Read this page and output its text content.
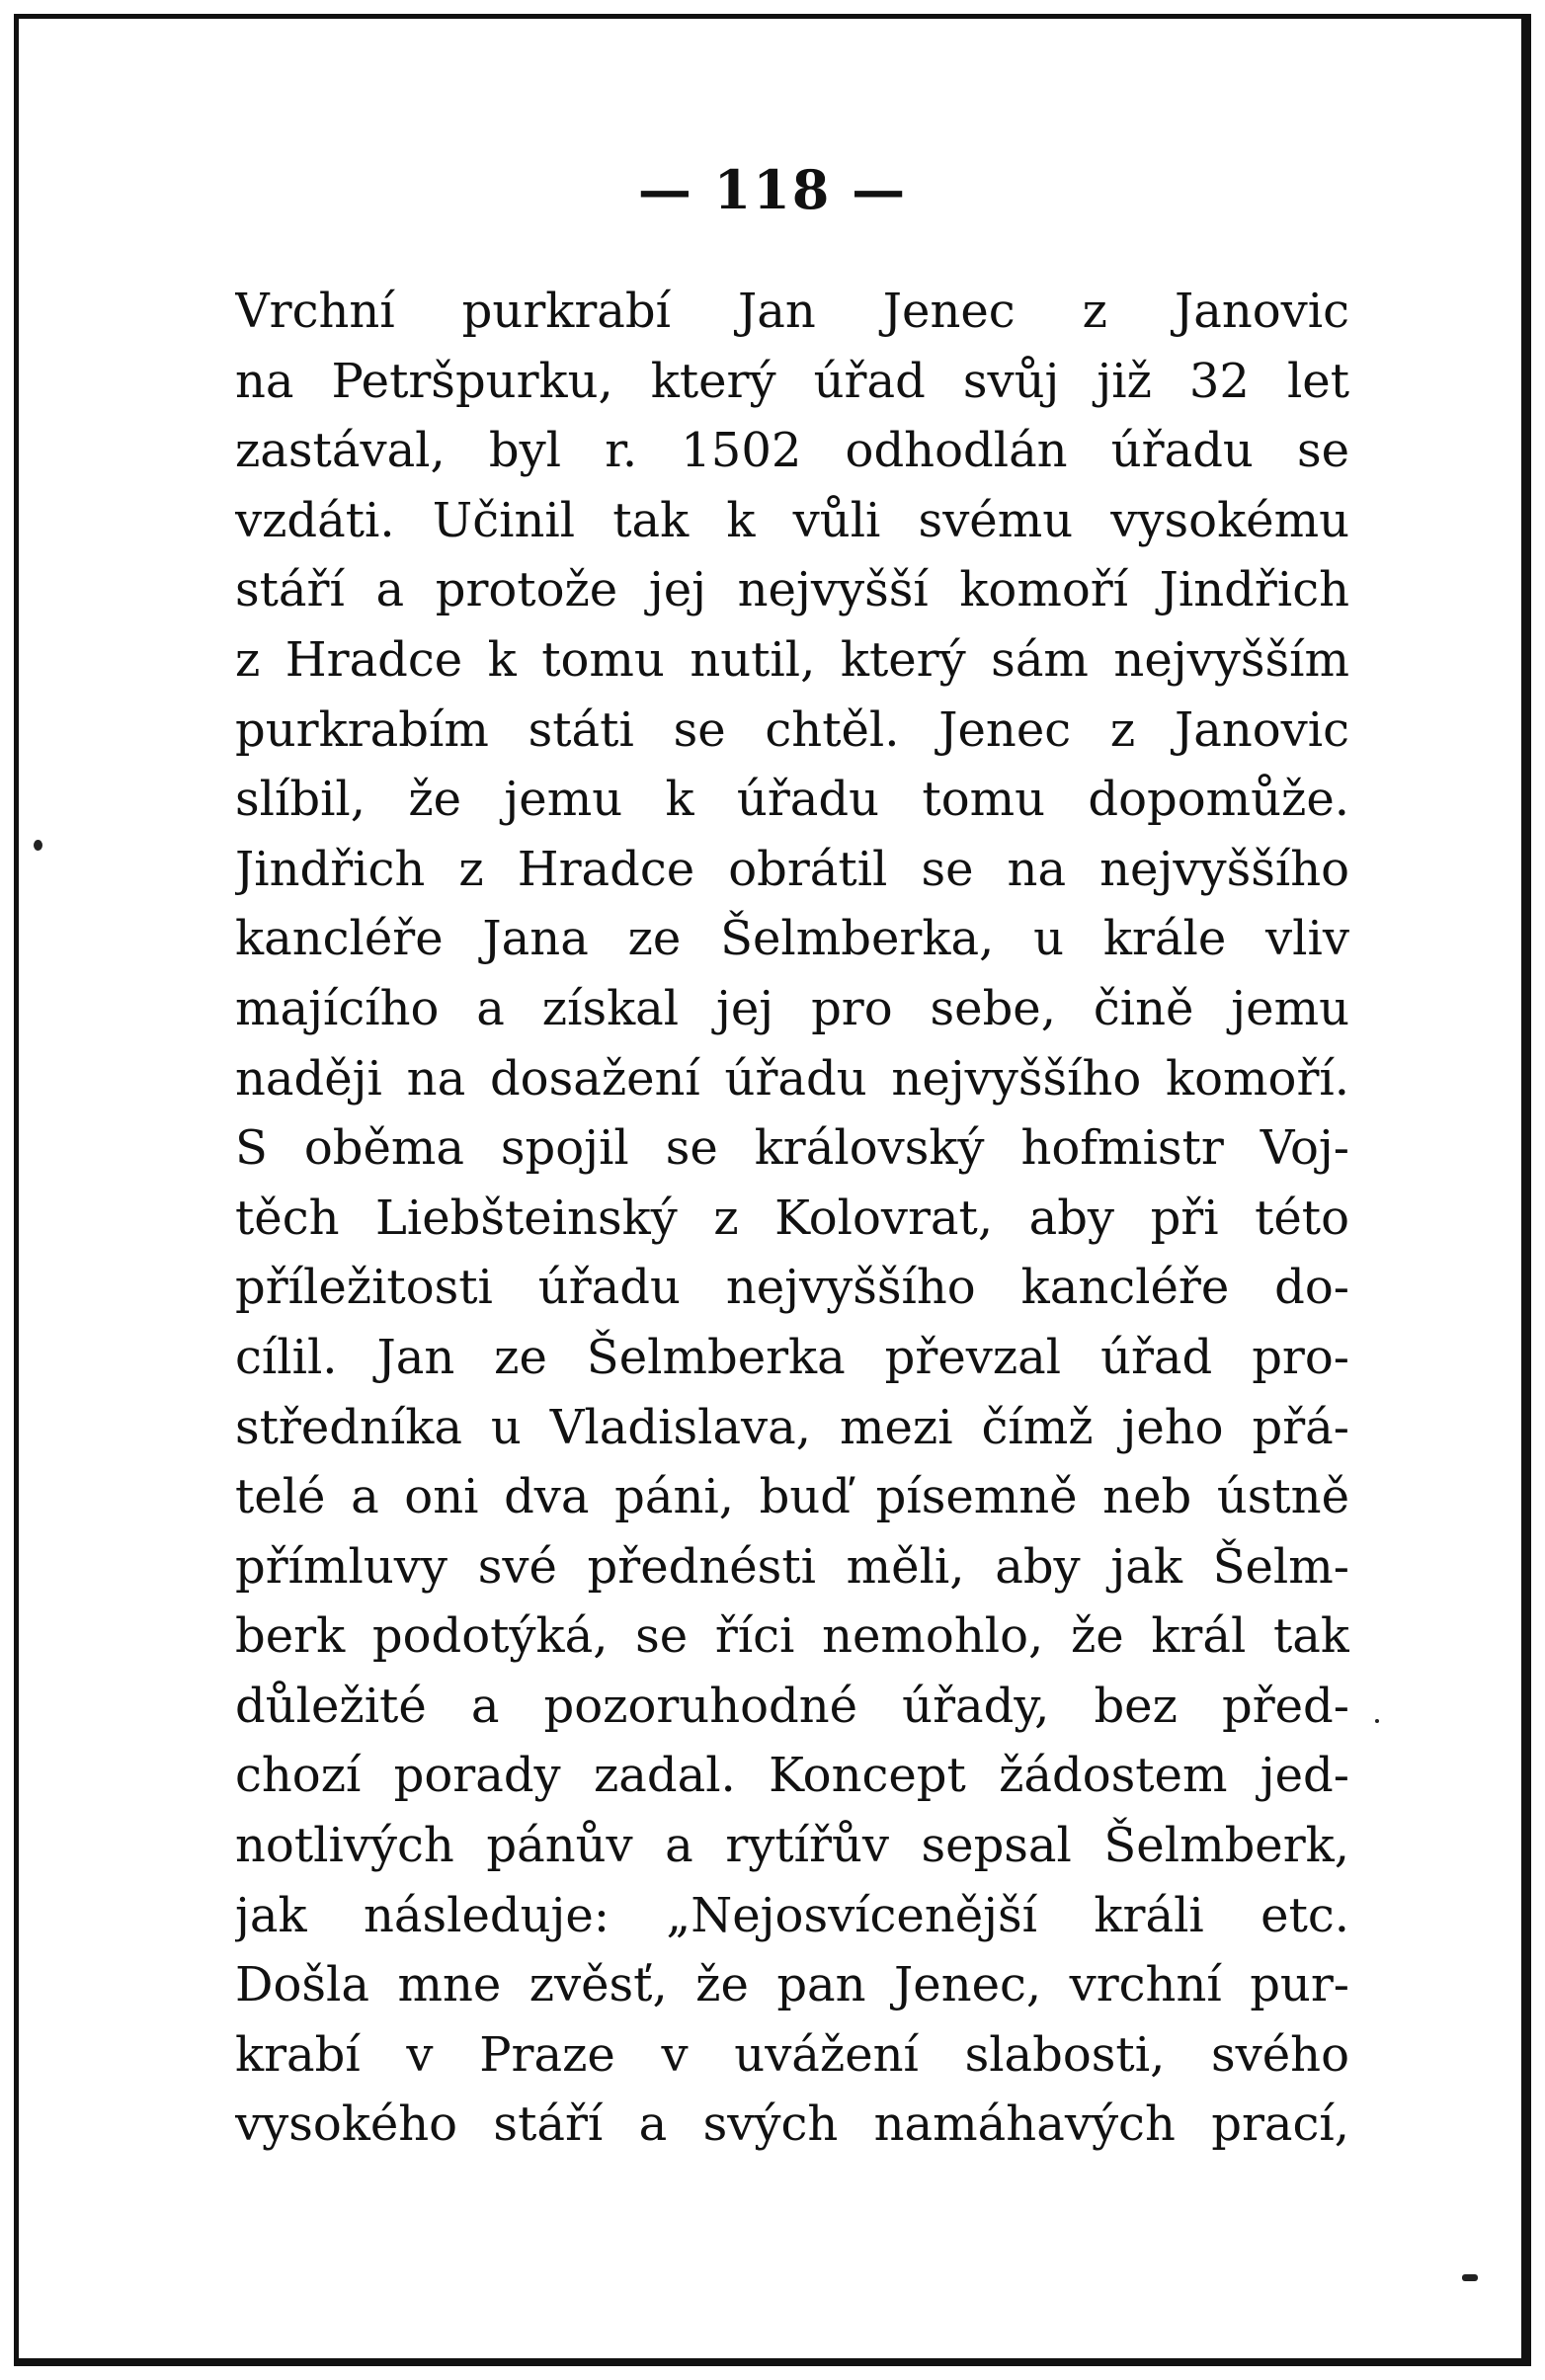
— 118 —
Vrchní purkrabí Jan Jenec z Janovic
na Petršpurku, který úřad svůj již 32 let
zastával, byl r. 1502 odhodlán úřadu se
vzdáti. Učinil tak k vůli svému vysokému
stáří a protože jej nejvyšší komoří Jindřich
z Hradce k tomu nutil, který sám nejvyšším
purkrabím státi se chtěl. Jenec z Janovic
slíbil, že jemu k úřadu tomu dopomůže.
Jindřich z Hradce obrátil se na nejvyššího
kancléře Jana ze Šelmberka, u krále vliv
majícího a získal jej pro sebe, čině jemu
naději na dosažení úřadu nejvyššího komoří.
S oběma spojil se královský hofmistr Voj-
těch Liebšteinský z Kolovrat, aby při této
příležitosti úřadu nejvyššího kancléře do-
cílil. Jan ze Šelmberka převzal úřad pro-
středníka u Vladislava, mezi čímž jeho přá-
telé a oni dva páni, buď písemně neb ústně
přímluvy své přednésti měli, aby jak Šelm-
berk podotýká, se říci nemohlo, že král tak
důležité a pozoruhodné úřady, bez před-
chozí porady zadal. Koncept žádostem jed-
notlivých pánův a rytířův sepsal Šelmberk,
jak následuje: „Nejosvícenější králi etc.
Došla mne zvěsť, že pan Jenec, vrchní pur-
krabí v Praze v uvážení slabosti, svého
vysokého stáří a svých namáhavých prací,
